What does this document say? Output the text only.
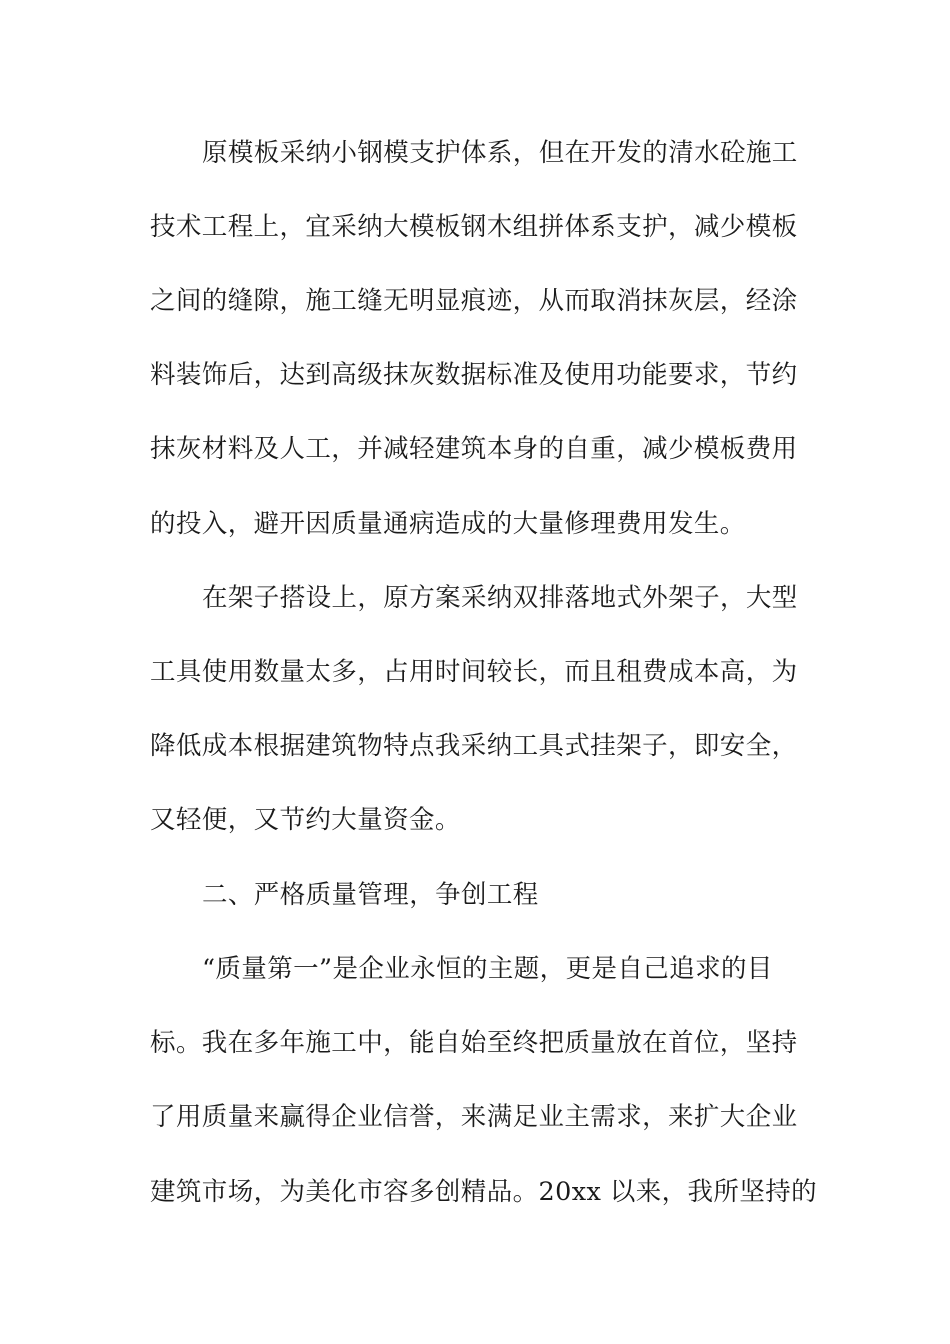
原模板采纳小钢模支护体系，但在开发的清水砼施工
技术工程上，宜采纳大模板钢木组拼体系支护，减少模板
之间的缝隙，施工缝无明显痕迹，从而取消抹灰层，经涂
料装饰后，达到高级抹灰数据标准及使用功能要求，节约
抹灰材料及人工，并减轻建筑本身的自重，减少模板费用
的投入，避开因质量通病造成的大量修理费用发生。
在架子搭设上，原方案采纳双排落地式外架子，大型
工具使用数量太多，占用时间较长，而且租费成本高，为
降低成本根据建筑物特点我采纳工具式挂架子，即安全，
又轻便，又节约大量资金。
二、严格质量管理，争创工程
“质量第一”是企业永恒的主题，更是自己追求的目
标。我在多年施工中，能自始至终把质量放在首位，坚持
了用质量来赢得企业信誉，来满足业主需求，来扩大企业
建筑市场，为美化市容多创精品。20xx 以来，我所坚持的
